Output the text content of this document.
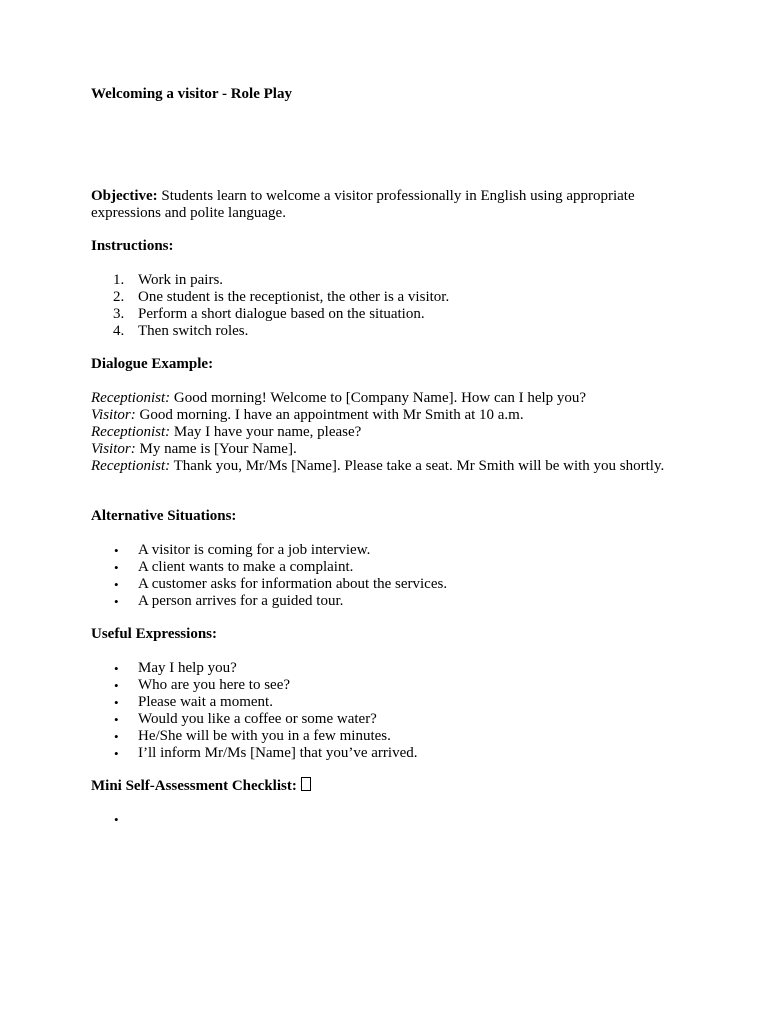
Welcoming a visitor - Role Play

Objective: Students learn to welcome a visitor professionally in English using appropriate expressions and polite language.

Instructions:

1. Work in pairs.
2. One student is the receptionist, the other is a visitor.
3. Perform a short dialogue based on the situation.
4. Then switch roles.

Dialogue Example:

Receptionist: Good morning! Welcome to [Company Name]. How can I help you?
Visitor: Good morning. I have an appointment with Mr Smith at 10 a.m.
Receptionist: May I have your name, please?
Visitor: My name is [Your Name].
Receptionist: Thank you, Mr/Ms [Name]. Please take a seat. Mr Smith will be with you shortly.

Alternative Situations:

• A visitor is coming for a job interview.
• A client wants to make a complaint.
• A customer asks for information about the services.
• A person arrives for a guided tour.

Useful Expressions:

• May I help you?
• Who are you here to see?
• Please wait a moment.
• Would you like a coffee or some water?
• He/She will be with you in a few minutes.
• I’ll inform Mr/Ms [Name] that you’ve arrived.

Mini Self-Assessment Checklist:

•
